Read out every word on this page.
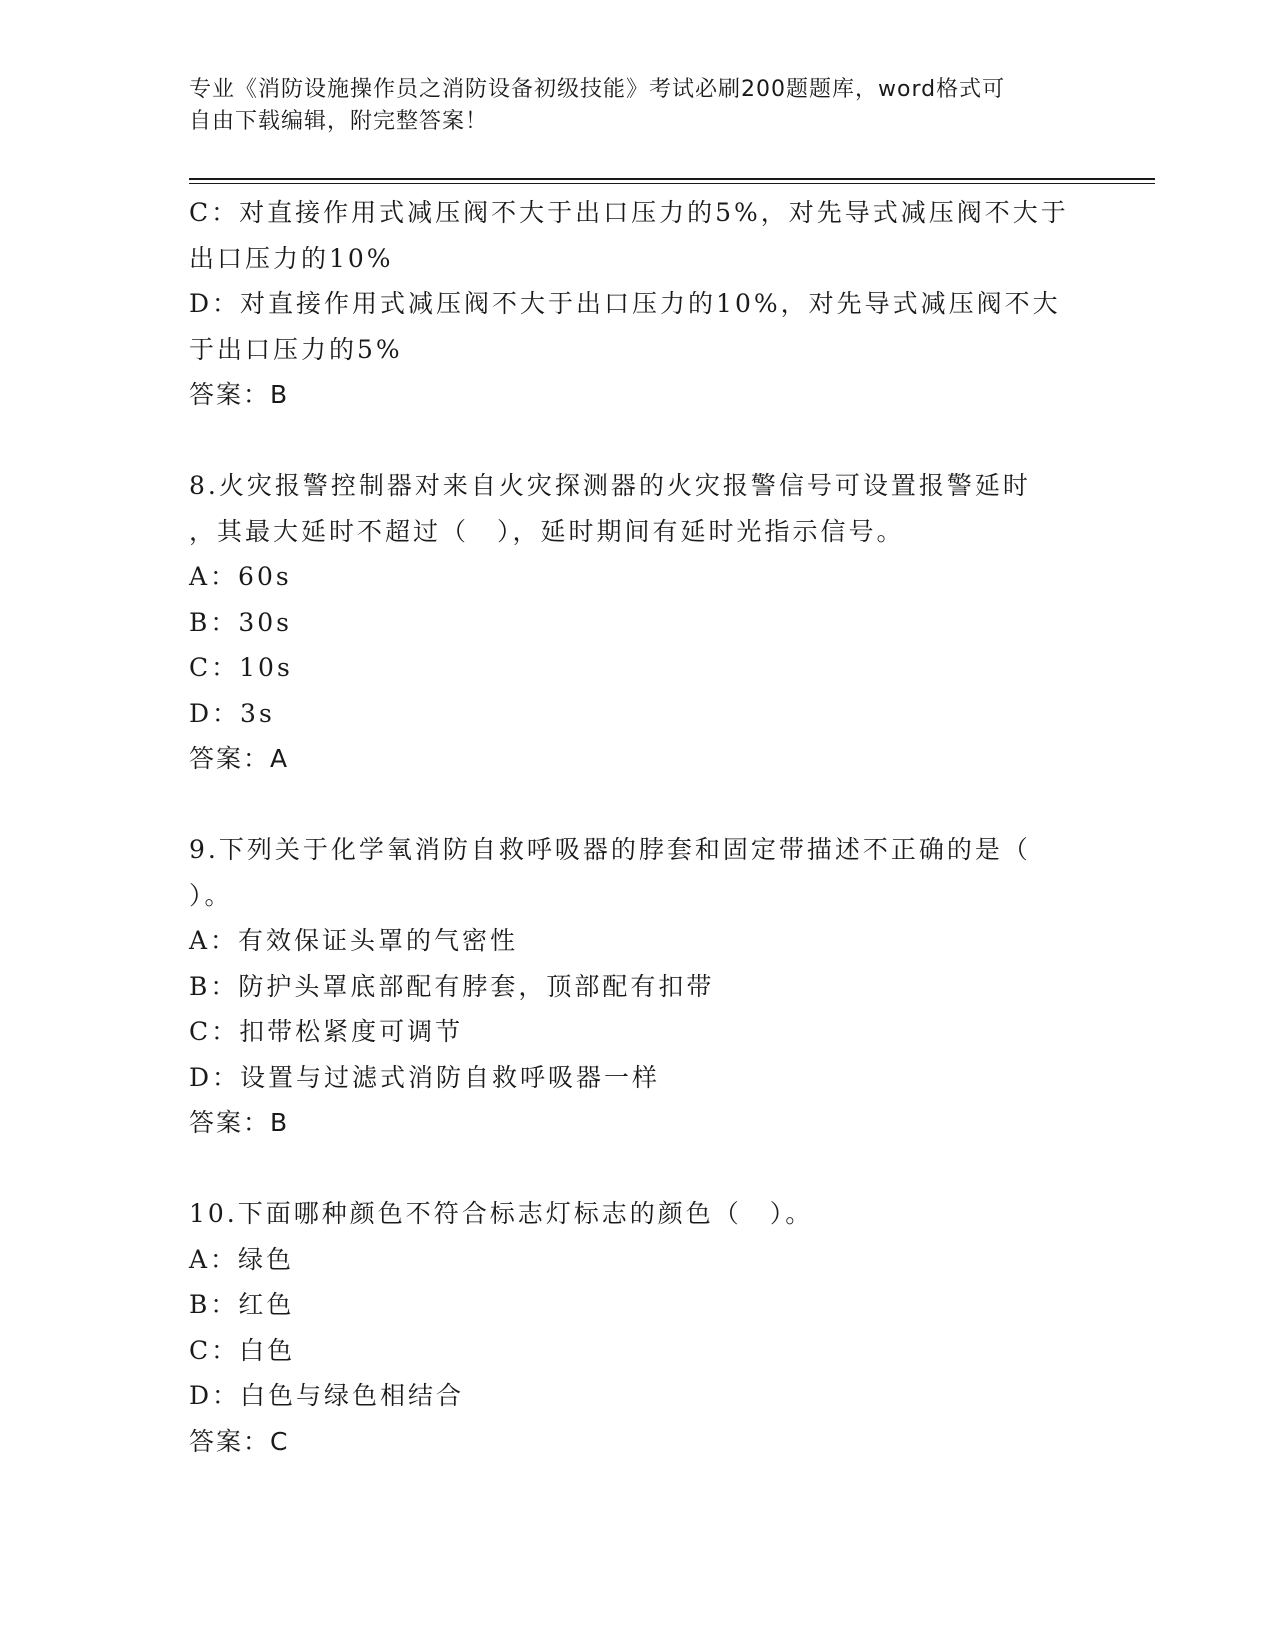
专业《消防设施操作员之消防设备初级技能》考试必刷200题题库，word格式可
自由下载编辑，附完整答案！
C：对直接作用式减压阀不大于出口压力的5%，对先导式减压阀不大于
出口压力的10%
D：对直接作用式减压阀不大于出口压力的10%，对先导式减压阀不大
于出口压力的5%
答案：B
8.火灾报警控制器对来自火灾探测器的火灾报警信号可设置报警延时
，其最大延时不超过（　），延时期间有延时光指示信号。
A：60s
B：30s
C：10s
D：3s
答案：A
9.下列关于化学氧消防自救呼吸器的脖套和固定带描述不正确的是（
）。
A：有效保证头罩的气密性
B：防护头罩底部配有脖套，顶部配有扣带
C：扣带松紧度可调节
D：设置与过滤式消防自救呼吸器一样
答案：B
10.下面哪种颜色不符合标志灯标志的颜色（　）。
A：绿色
B：红色
C：白色
D：白色与绿色相结合
答案：C
